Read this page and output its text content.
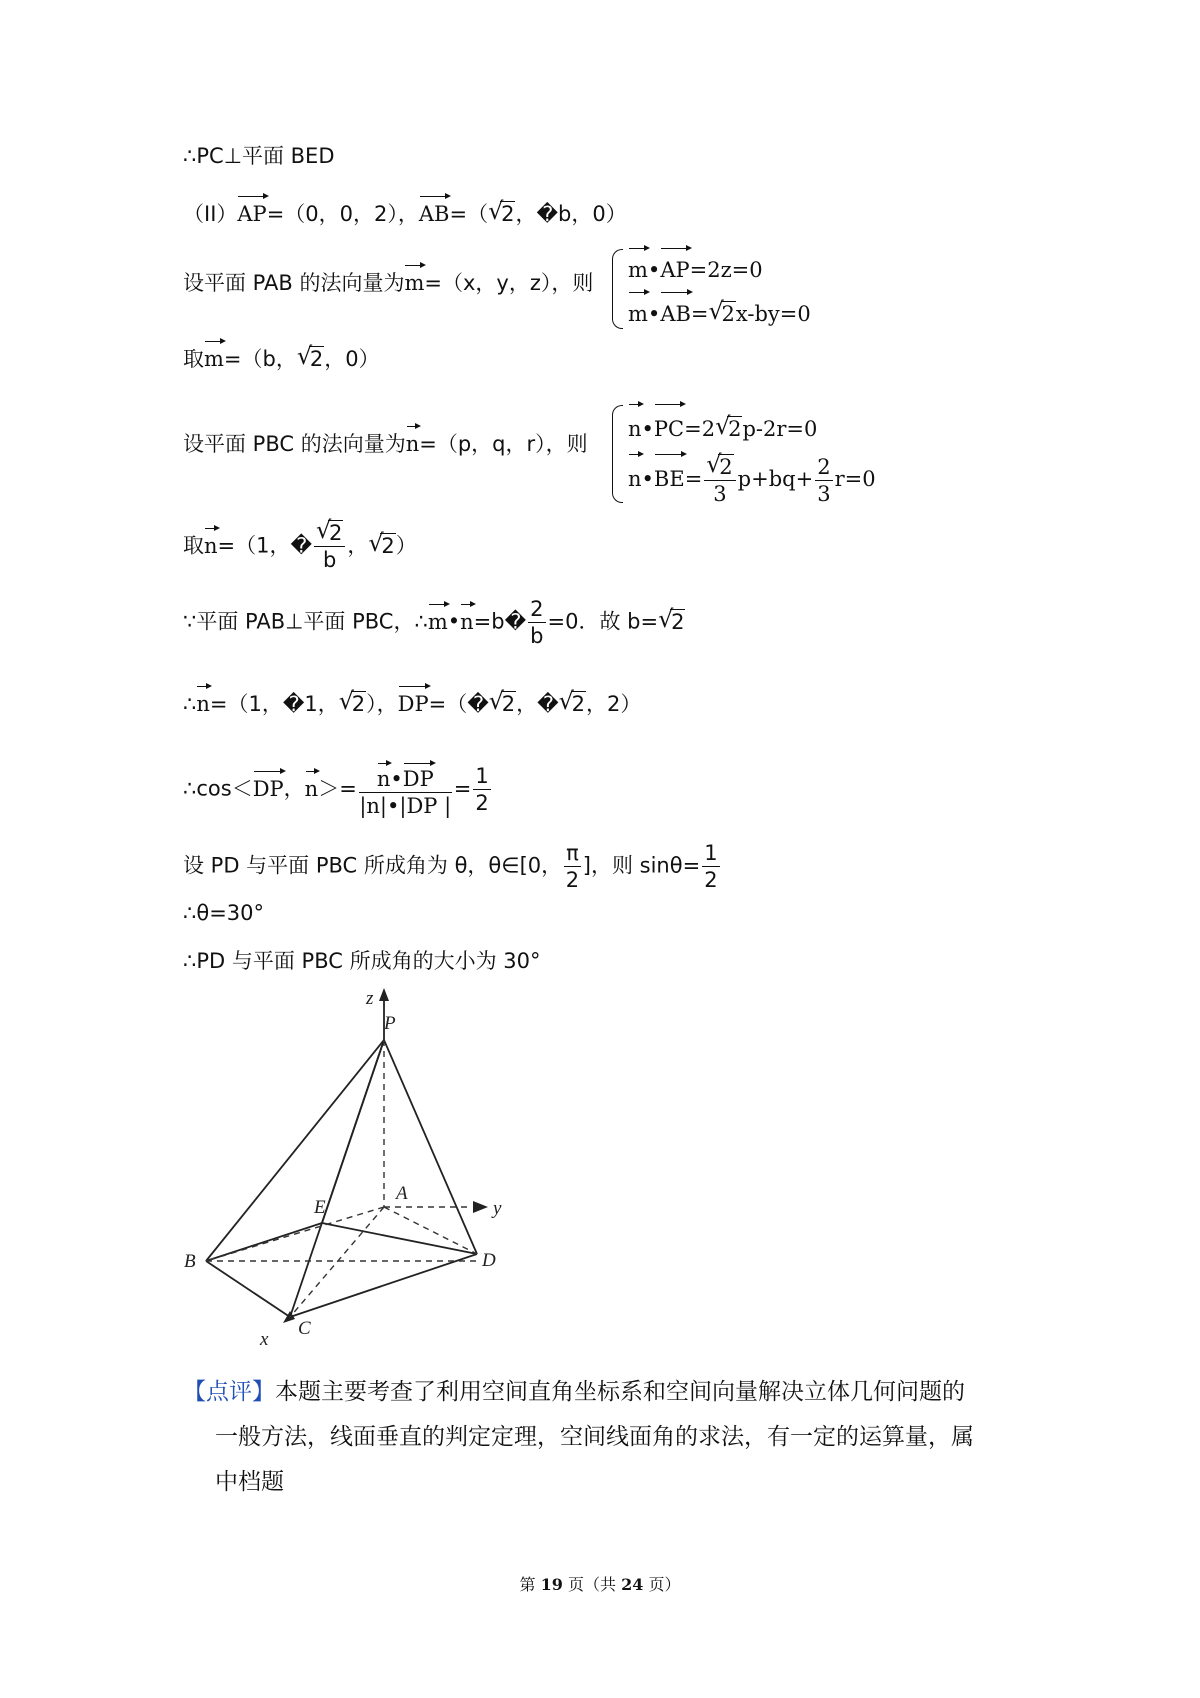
∴PC⊥平面 BED
（II）AP=（0，0，2），AB=（ √
2，�b，0）
设平面 PAB 的法向量为m=（x，y，z），则
m•AP=2z=0
m•AB= √
2x-by=0
取m=（b， √
2，0）
设平面 PBC 的法向量为n=（p，q，r），则
n•PC=2 √
2p-2r=0
n•BE= √
2
3 $p+bq+ \frac{2}{3} r=0$
取n=（1，� √
2
b ， √
2）
∵平面 PAB⊥平面 PBC，∴m•n=b� $\frac{2}{b} =0$．故 b= √
2
∴n=（1，�1， √
2），DP=（� √
2，� √
2，2）
∴cos＜DP，$n>= \frac{n•DP}{|n|•|DP |} = \frac{1}{2}$
设 PD 与平面 PBC 所成角为 θ，θ∈[0， $\frac{\pi}{2}$ ]，则 $\sin\theta= \frac{1}{2}$
∴θ=30°
∴PD 与平面 PBC 所成角的大小为 30°
z
P
E
A
y
B	D
C
x
【点评】本题主要考查了利用空间直角坐标系和空间向量解决立体几何问题的
一般方法，线面垂直的判定定理，空间线面角的求法，有一定的运算量，属
中档题
第 19 页（共 24 页）
